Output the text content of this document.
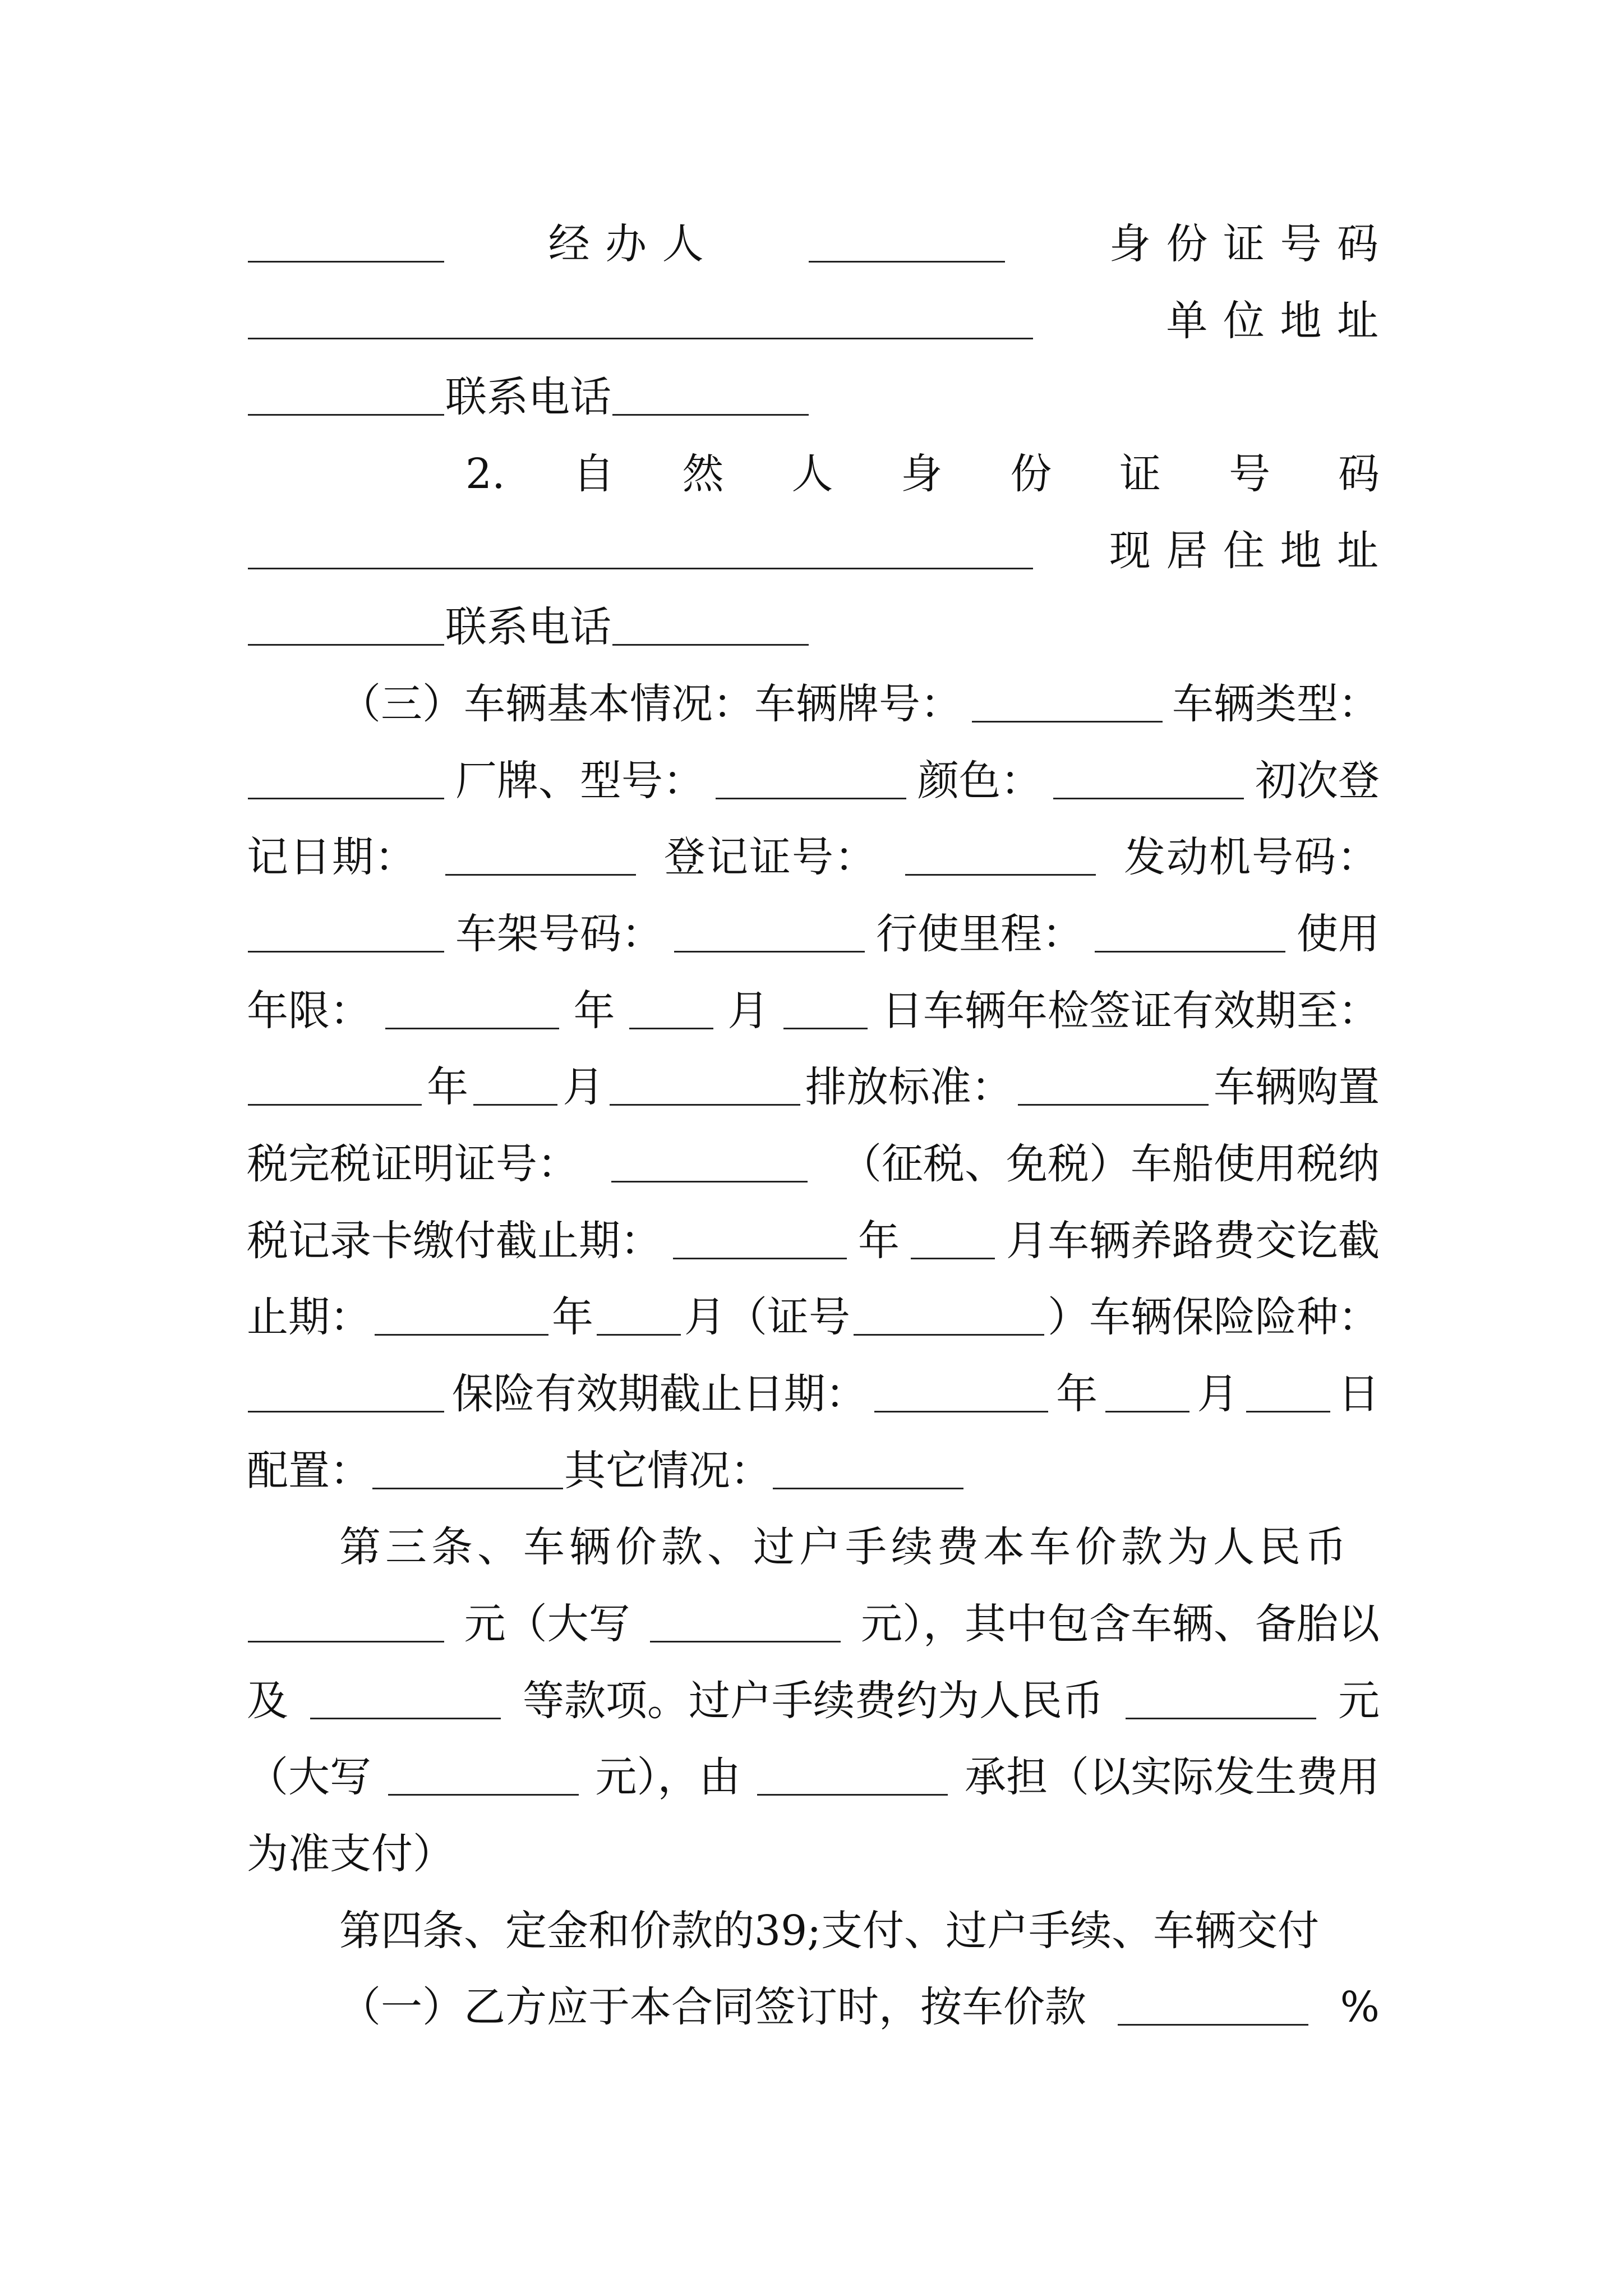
经 办 人	身 份 证 号 码
单 位 地 址
联系电话
2. 自 然 人 身 份 证 号 码
现 居 住 地 址
联系电话
（三）车辆基本情况：车辆牌号：	车辆类型：
厂牌、型号：	颜色：	初次登
记日期：	登记证号：	发动机号码：
车架号码：	行使里程：	使用
年限：	年	月	日车辆年检签证有效期至：
年 月	排放标准：	车辆购置
税完税证明证号：	（征税、免税）车船使用税纳
税记录卡缴付截止期：	年	月车辆养路费交讫截
止期：	年 月（证号	）车辆保险险种：
保险有效期截止日期：	年 月 日
配置：	其它情况：
第三条、车辆价款、过户手续费本车价款为人民币
元（大写	元），其中包含车辆、备胎以
及	等款项。过户手续费约为人民币	元
（大写	元），由	承担（以实际发生费用
为准支付）
第四条、定金和价款的39;支付、过户手续、车辆交付
（一）乙方应于本合同签订时，按车价款	%
